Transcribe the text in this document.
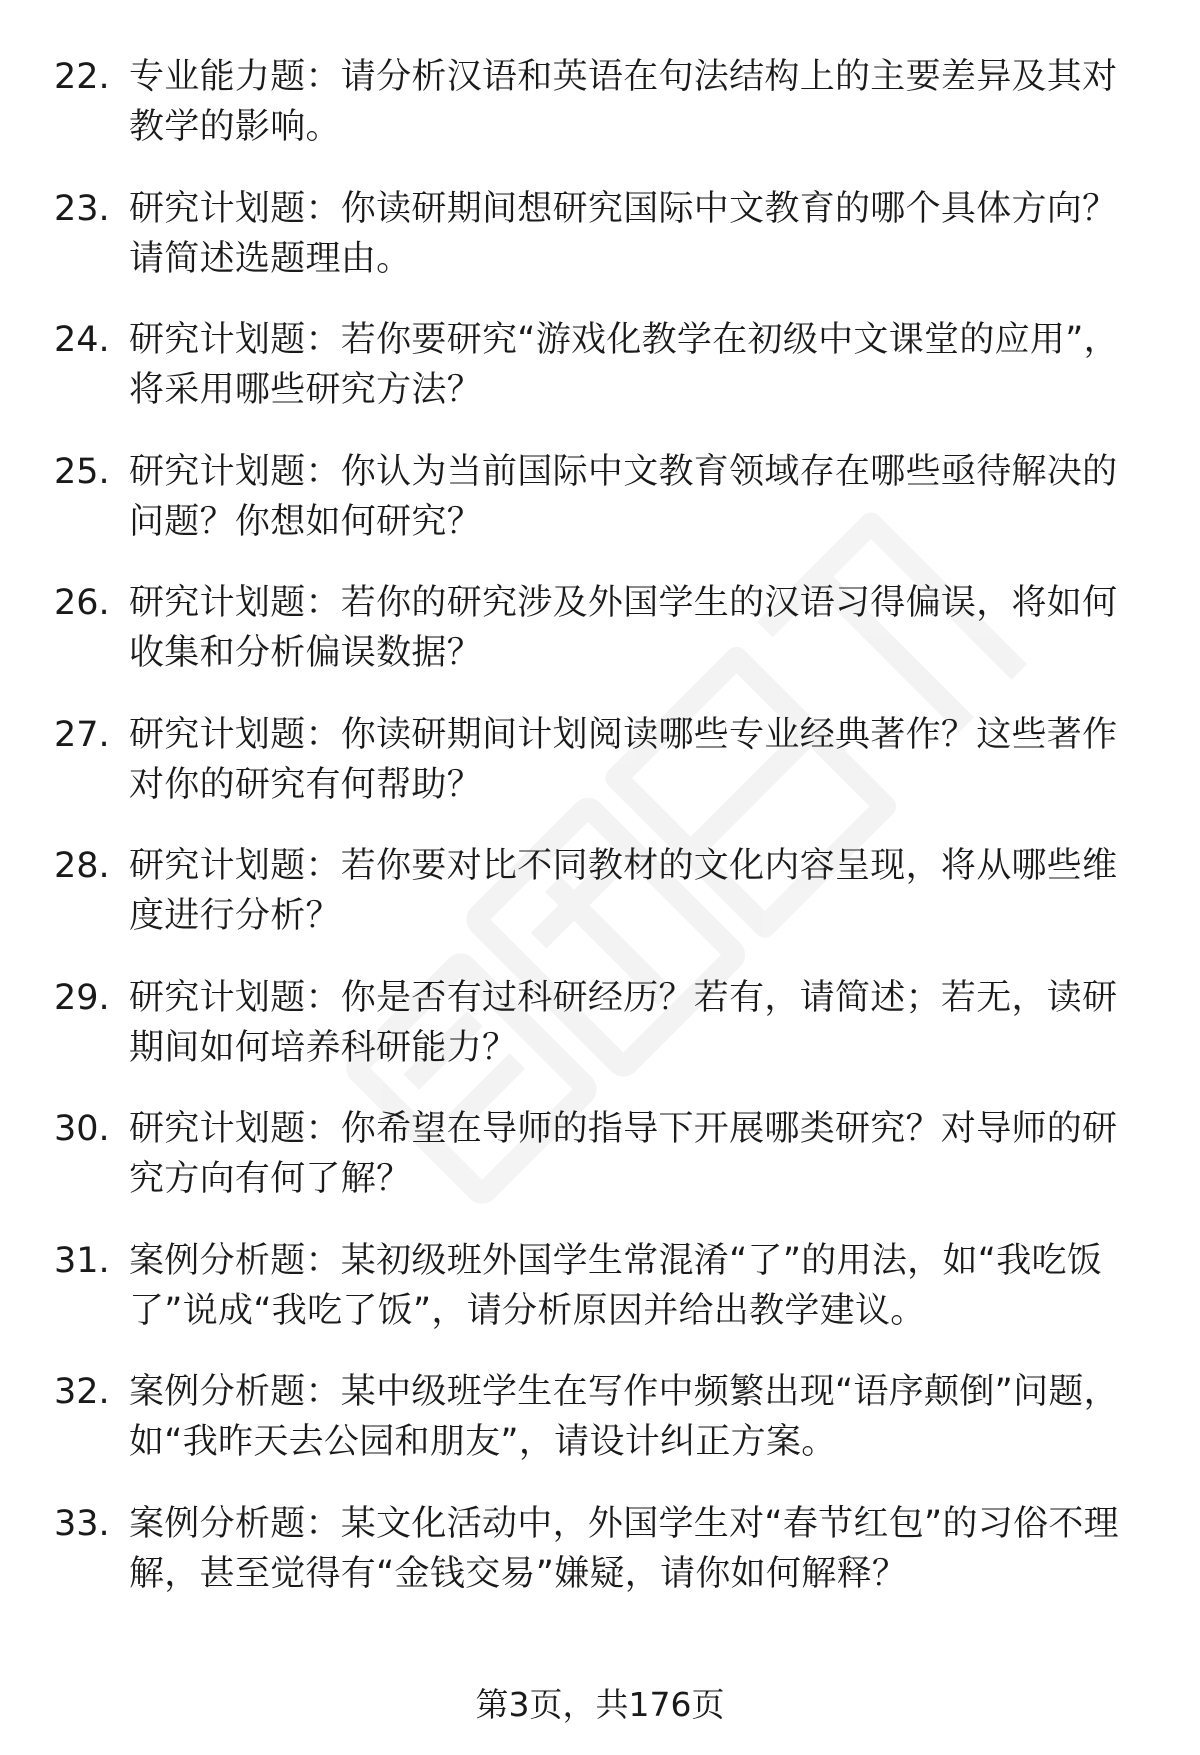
22. 专业能力题：请分析汉语和英语在句法结构上的主要差异及其对教学的影响。
23. 研究计划题：你读研期间想研究国际中文教育的哪个具体方向？请简述选题理由。
24. 研究计划题：若你要研究“游戏化教学在初级中文课堂的应用”，将采用哪些研究方法？
25. 研究计划题：你认为当前国际中文教育领域存在哪些亟待解决的问题？你想如何研究？
26. 研究计划题：若你的研究涉及外国学生的汉语习得偏误，将如何收集和分析偏误数据？
27. 研究计划题：你读研期间计划阅读哪些专业经典著作？这些著作对你的研究有何帮助？
28. 研究计划题：若你要对比不同教材的文化内容呈现，将从哪些维度进行分析？
29. 研究计划题：你是否有过科研经历？若有，请简述；若无，读研期间如何培养科研能力？
30. 研究计划题：你希望在导师的指导下开展哪类研究？对导师的研究方向有何了解？
31. 案例分析题：某初级班外国学生常混淆“了”的用法，如“我吃饭了”说成“我吃了饭”，请分析原因并给出教学建议。
32. 案例分析题：某中级班学生在写作中频繁出现“语序颠倒”问题，如“我昨天去公园和朋友”，请设计纠正方案。
33. 案例分析题：某文化活动中，外国学生对“春节红包”的习俗不理解，甚至觉得有“金钱交易”嫌疑，请你如何解释？
第3页，共176页
